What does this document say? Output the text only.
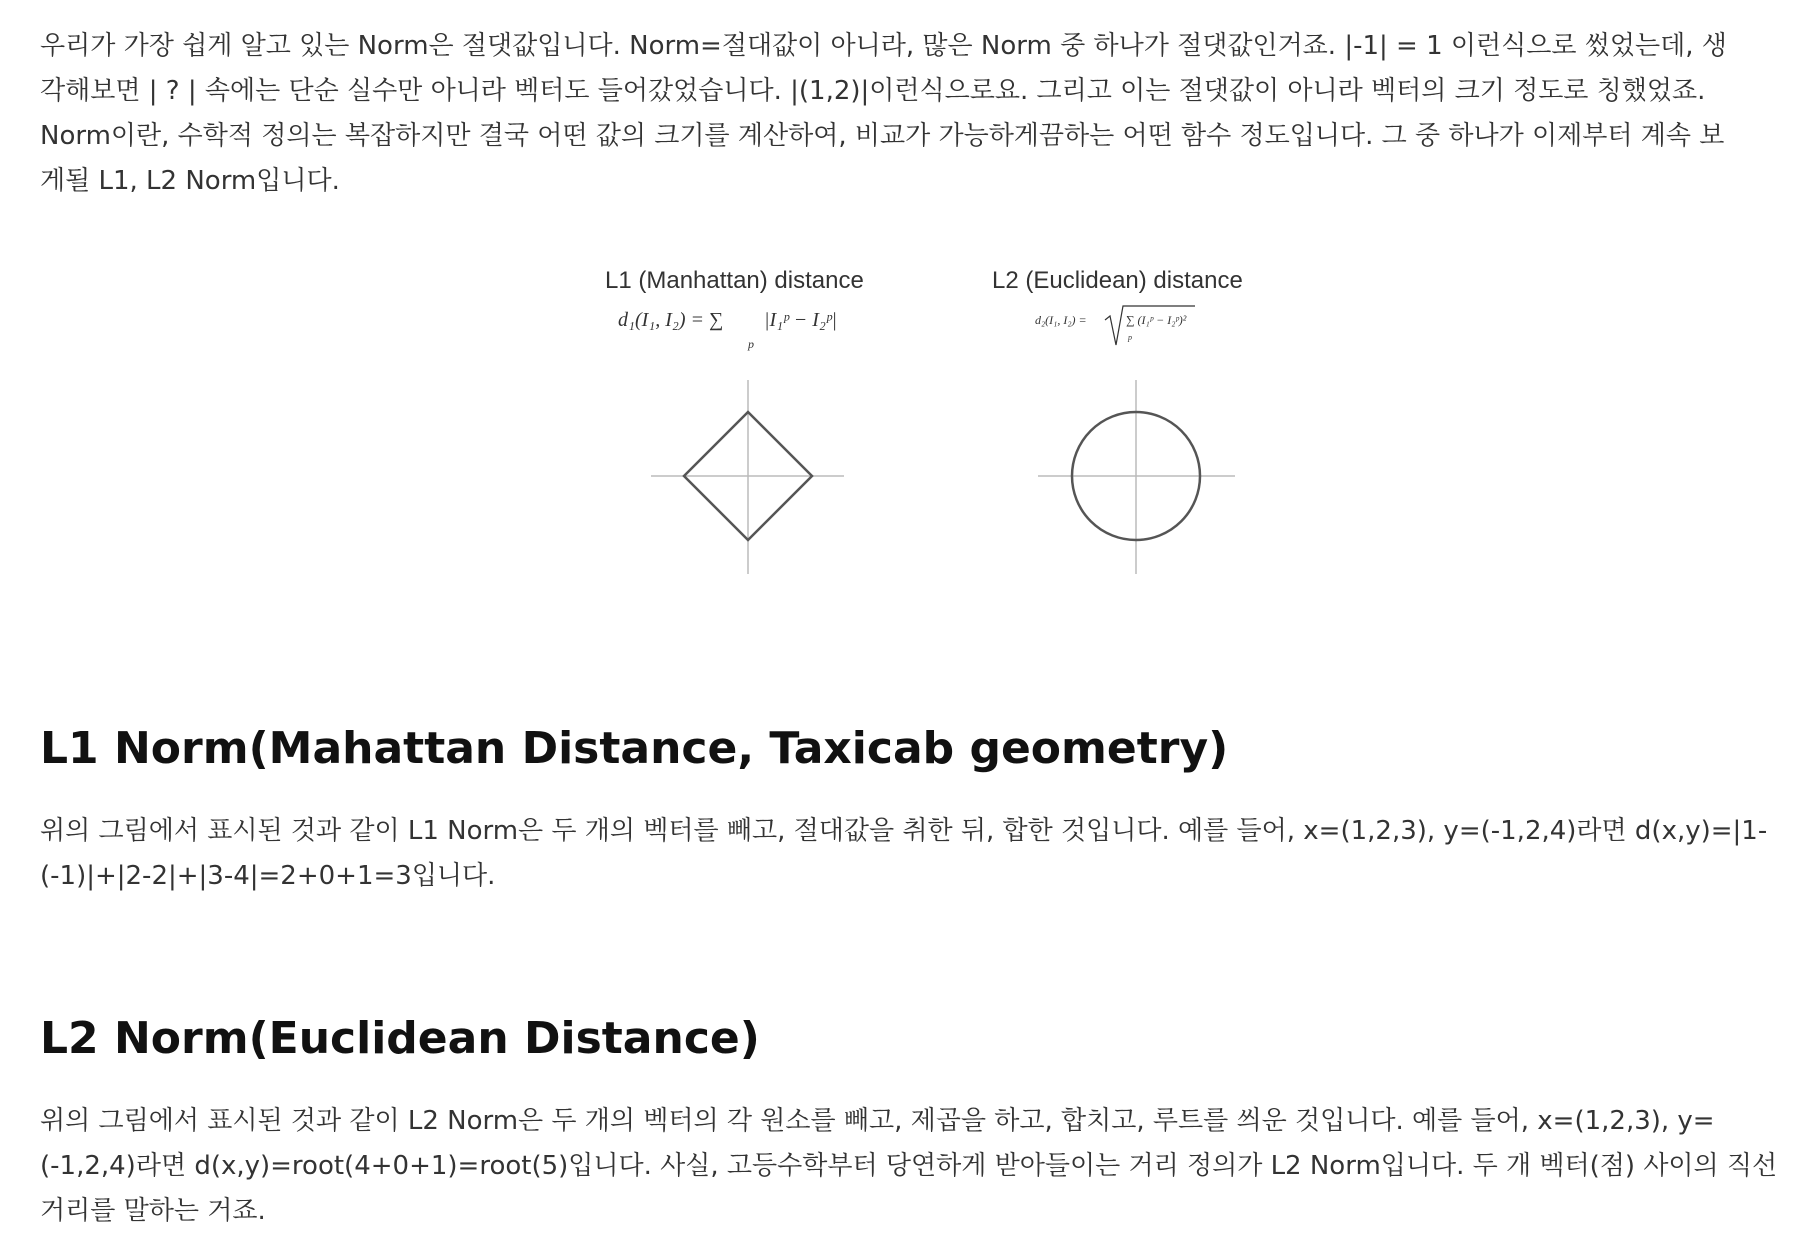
우리가 가장 쉽게 알고 있는 Norm은 절댓값입니다. Norm=절대값이 아니라, 많은 Norm 중 하나가 절댓값인거죠. |-1| = 1 이런식으로 썼었는데, 생
각해보면 | ? | 속에는 단순 실수만 아니라 벡터도 들어갔었습니다. |(1,2)|이런식으로요. 그리고 이는 절댓값이 아니라 벡터의 크기 정도로 칭했었죠.
Norm이란, 수학적 정의는 복잡하지만 결국 어떤 값의 크기를 계산하여, 비교가 가능하게끔하는 어떤 함수 정도입니다. 그 중 하나가 이제부터 계속 보
게될 L1, L2 Norm입니다.

L1 (Manhattan) distance
d₁(I₁, I₂) = ∑ |I₁ᵖ − I₂ᵖ|
p
L2 (Euclidean) distance
d₂(I₁, I₂) =	∑ (I₁ᵖ − I₂ᵖ)²
p
L1 Norm(Mahattan Distance, Taxicab geometry)

위의 그림에서 표시된 것과 같이 L1 Norm은 두 개의 벡터를 빼고, 절대값을 취한 뒤, 합한 것입니다. 예를 들어, x=(1,2,3), y=(-1,2,4)라면 d(x,y)=|1-
(-1)|+|2-2|+|3-4|=2+0+1=3입니다.

L2 Norm(Euclidean Distance)

위의 그림에서 표시된 것과 같이 L2 Norm은 두 개의 벡터의 각 원소를 빼고, 제곱을 하고, 합치고, 루트를 씌운 것입니다. 예를 들어, x=(1,2,3), y=
(-1,2,4)라면 d(x,y)=root(4+0+1)=root(5)입니다. 사실, 고등수학부터 당연하게 받아들이는 거리 정의가 L2 Norm입니다. 두 개 벡터(점) 사이의 직선
거리를 말하는 거죠.
